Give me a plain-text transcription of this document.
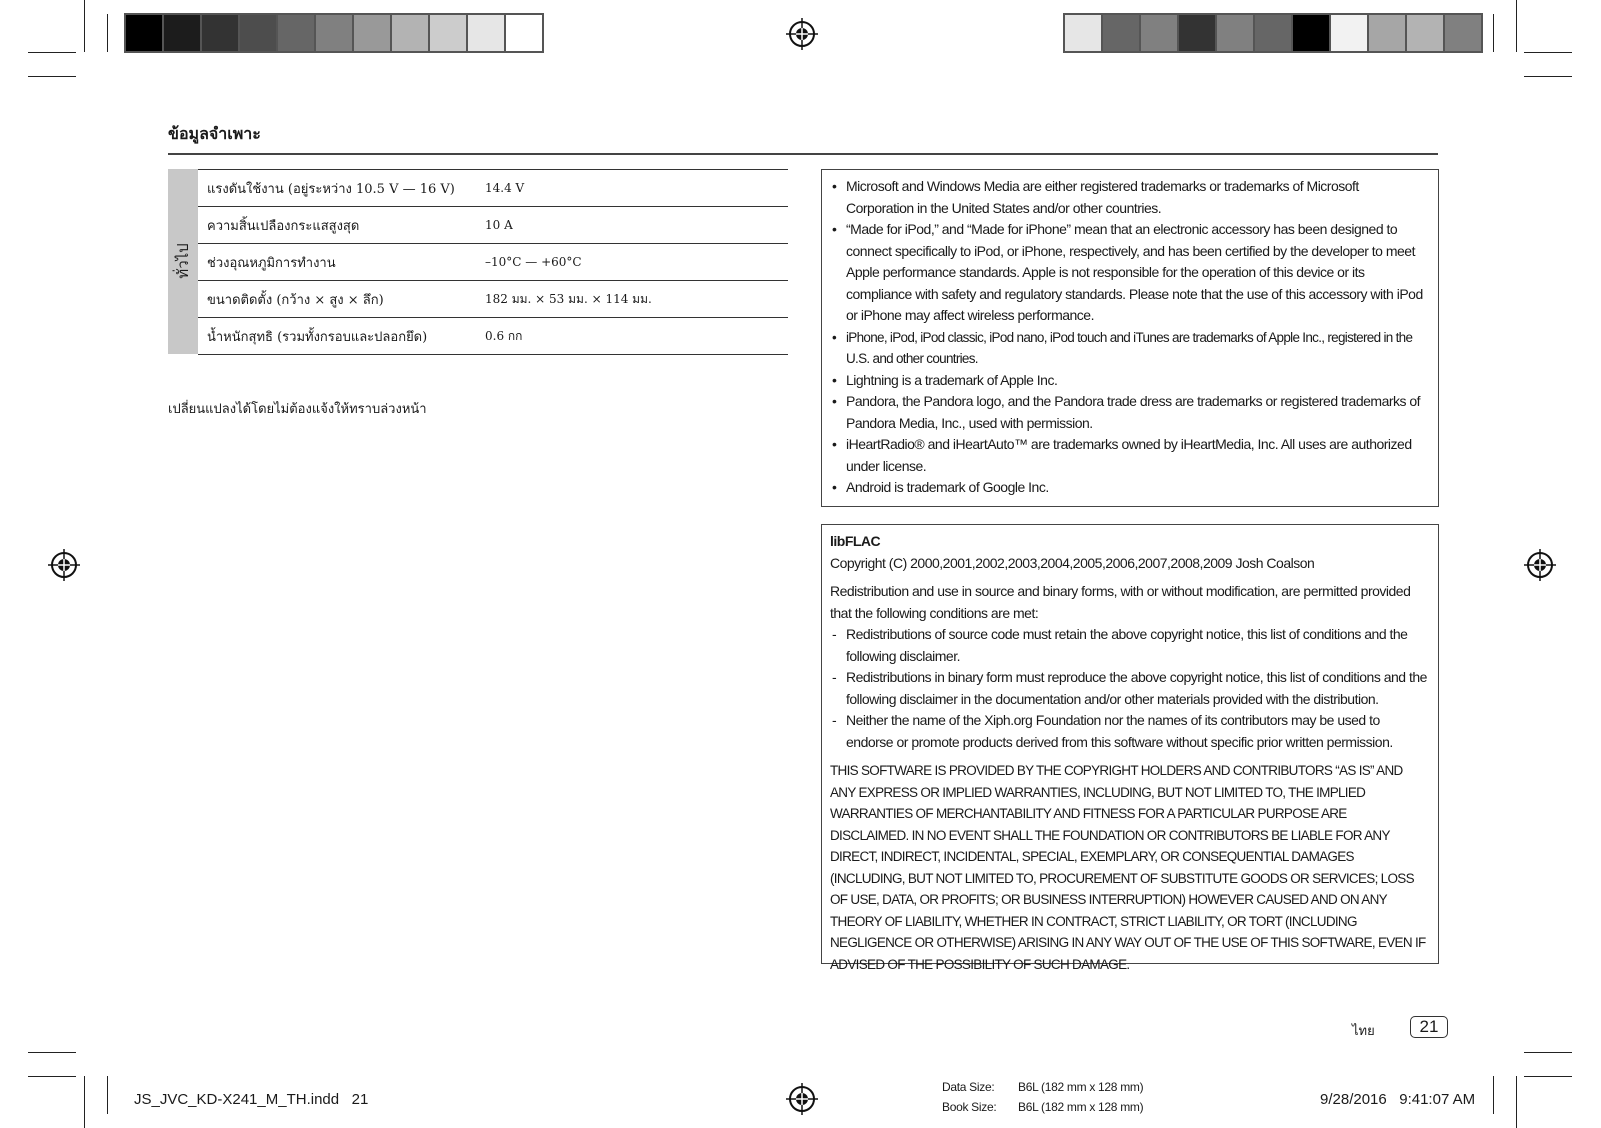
ข้อมูลจำเพาะ
ทั่วไป
แรงดันใช้งาน (อยู่ระหว่าง 10.5 V — 16 V)	14.4 V
ความสิ้นเปลืองกระแสสูงสุด	10 A
ช่วงอุณหภูมิการทำงาน	–10°C — +60°C
ขนาดติดตั้ง (กว้าง × สูง × ลึก)	182 มม. × 53 มม. × 114 มม.
น้ำหนักสุทธิ (รวมทั้งกรอบและปลอกยึด)	0.6 กก
เปลี่ยนแปลงได้โดยไม่ต้องแจ้งให้ทราบล่วงหน้า
• Microsoft and Windows Media are either registered trademarks or trademarks of Microsoft Corporation in the United States and/or other countries.
• “Made for iPod,” and “Made for iPhone” mean that an electronic accessory has been designed to connect specifically to iPod, or iPhone, respectively, and has been certified by the developer to meet Apple performance standards. Apple is not responsible for the operation of this device or its compliance with safety and regulatory standards. Please note that the use of this accessory with iPod or iPhone may affect wireless performance.
• iPhone, iPod, iPod classic, iPod nano, iPod touch and iTunes are trademarks of Apple Inc., registered in the U.S. and other countries.
• Lightning is a trademark of Apple Inc.
• Pandora, the Pandora logo, and the Pandora trade dress are trademarks or registered trademarks of Pandora Media, Inc., used with permission.
• iHeartRadio® and iHeartAuto™ are trademarks owned by iHeartMedia, Inc. All uses are authorized under license.
• Android is trademark of Google Inc.

libFLAC

Copyright (C) 2000,2001,2002,2003,2004,2005,2006,2007,2008,2009 Josh Coalson

Redistribution and use in source and binary forms, with or without modification, are permitted provided that the following conditions are met:

- Redistributions of source code must retain the above copyright notice, this list of conditions and the following disclaimer.
- Redistributions in binary form must reproduce the above copyright notice, this list of conditions and the following disclaimer in the documentation and/or other materials provided with the distribution.
- Neither the name of the Xiph.org Foundation nor the names of its contributors may be used to endorse or promote products derived from this software without specific prior written permission.

THIS SOFTWARE IS PROVIDED BY THE COPYRIGHT HOLDERS AND CONTRIBUTORS “AS IS” AND ANY EXPRESS OR IMPLIED WARRANTIES, INCLUDING, BUT NOT LIMITED TO, THE IMPLIED WARRANTIES OF MERCHANTABILITY AND FITNESS FOR A PARTICULAR PURPOSE ARE DISCLAIMED. IN NO EVENT SHALL THE FOUNDATION OR CONTRIBUTORS BE LIABLE FOR ANY DIRECT, INDIRECT, INCIDENTAL, SPECIAL, EXEMPLARY, OR CONSEQUENTIAL DAMAGES (INCLUDING, BUT NOT LIMITED TO, PROCUREMENT OF SUBSTITUTE GOODS OR SERVICES; LOSS OF USE, DATA, OR PROFITS; OR BUSINESS INTERRUPTION) HOWEVER CAUSED AND ON ANY THEORY OF LIABILITY, WHETHER IN CONTRACT, STRICT LIABILITY, OR TORT (INCLUDING NEGLIGENCE OR OTHERWISE) ARISING IN ANY WAY OUT OF THE USE OF THIS SOFTWARE, EVEN IF ADVISED OF THE POSSIBILITY OF SUCH DAMAGE.

ไทย	21
JS_JVC_KD-X241_M_TH.indd   21
Data Size: B6L (182 mm x 128 mm)
Book Size: B6L (182 mm x 128 mm)	9/28/2016   9:41:07 AM
